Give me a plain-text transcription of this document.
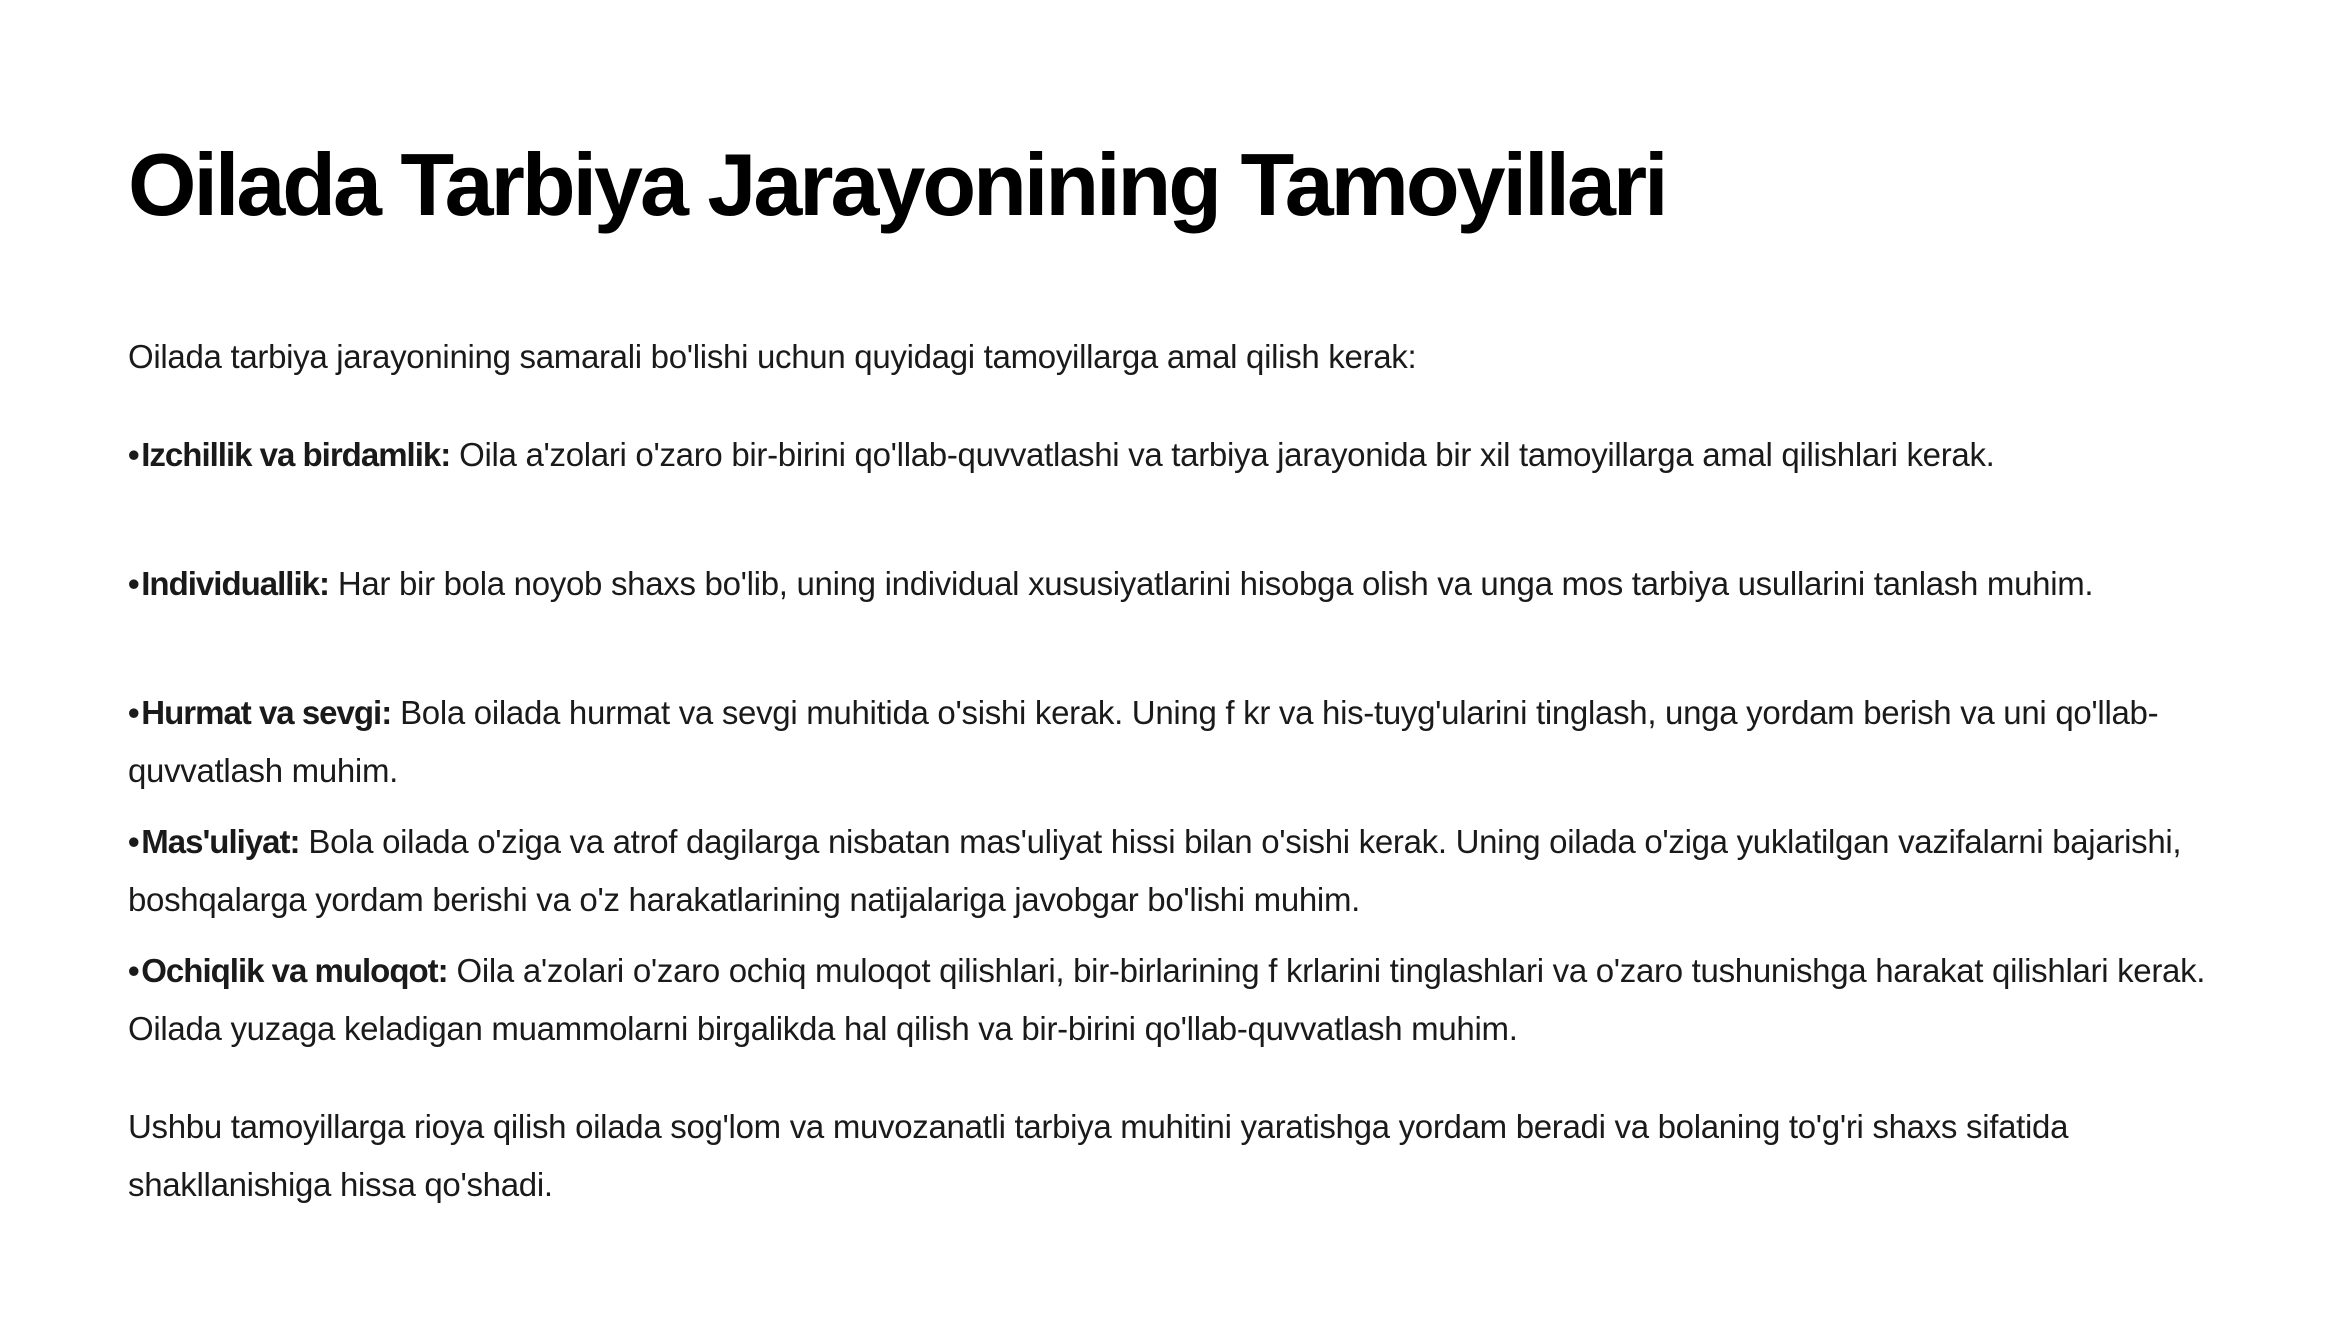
Oilada Tarbiya Jarayonining Tamoyillari

Oilada tarbiya jarayonining samarali bo'lishi uchun quyidagi tamoyillarga amal qilish kerak:

•Izchillik va birdamlik: Oila a'zolari o'zaro bir-birini qo'llab-quvvatlashi va tarbiya jarayonida bir xil tamoyillarga amal qilishlari kerak.
•Individuallik: Har bir bola noyob shaxs bo'lib, uning individual xususiyatlarini hisobga olish va unga mos tarbiya usullarini tanlash muhim.
•Hurmat va sevgi: Bola oilada hurmat va sevgi muhitida o'sishi kerak. Uning f kr va his-tuyg'ularini tinglash, unga yordam berish va uni qo'llab-quvvatlash muhim.
•Mas'uliyat: Bola oilada o'ziga va atrof dagilarga nisbatan mas'uliyat hissi bilan o'sishi kerak. Uning oilada o'ziga yuklatilgan vazifalarni bajarishi, boshqalarga yordam berishi va o'z harakatlarining natijalariga javobgar bo'lishi muhim.
•Ochiqlik va muloqot: Oila a'zolari o'zaro ochiq muloqot qilishlari, bir-birlarining f krlarini tinglashlari va o'zaro tushunishga harakat qilishlari kerak. Oilada yuzaga keladigan muammolarni birgalikda hal qilish va bir-birini qo'llab-quvvatlash muhim.

Ushbu tamoyillarga rioya qilish oilada sog'lom va muvozanatli tarbiya muhitini yaratishga yordam beradi va bolaning to'g'ri shaxs sifatida shakllanishiga hissa qo'shadi.
